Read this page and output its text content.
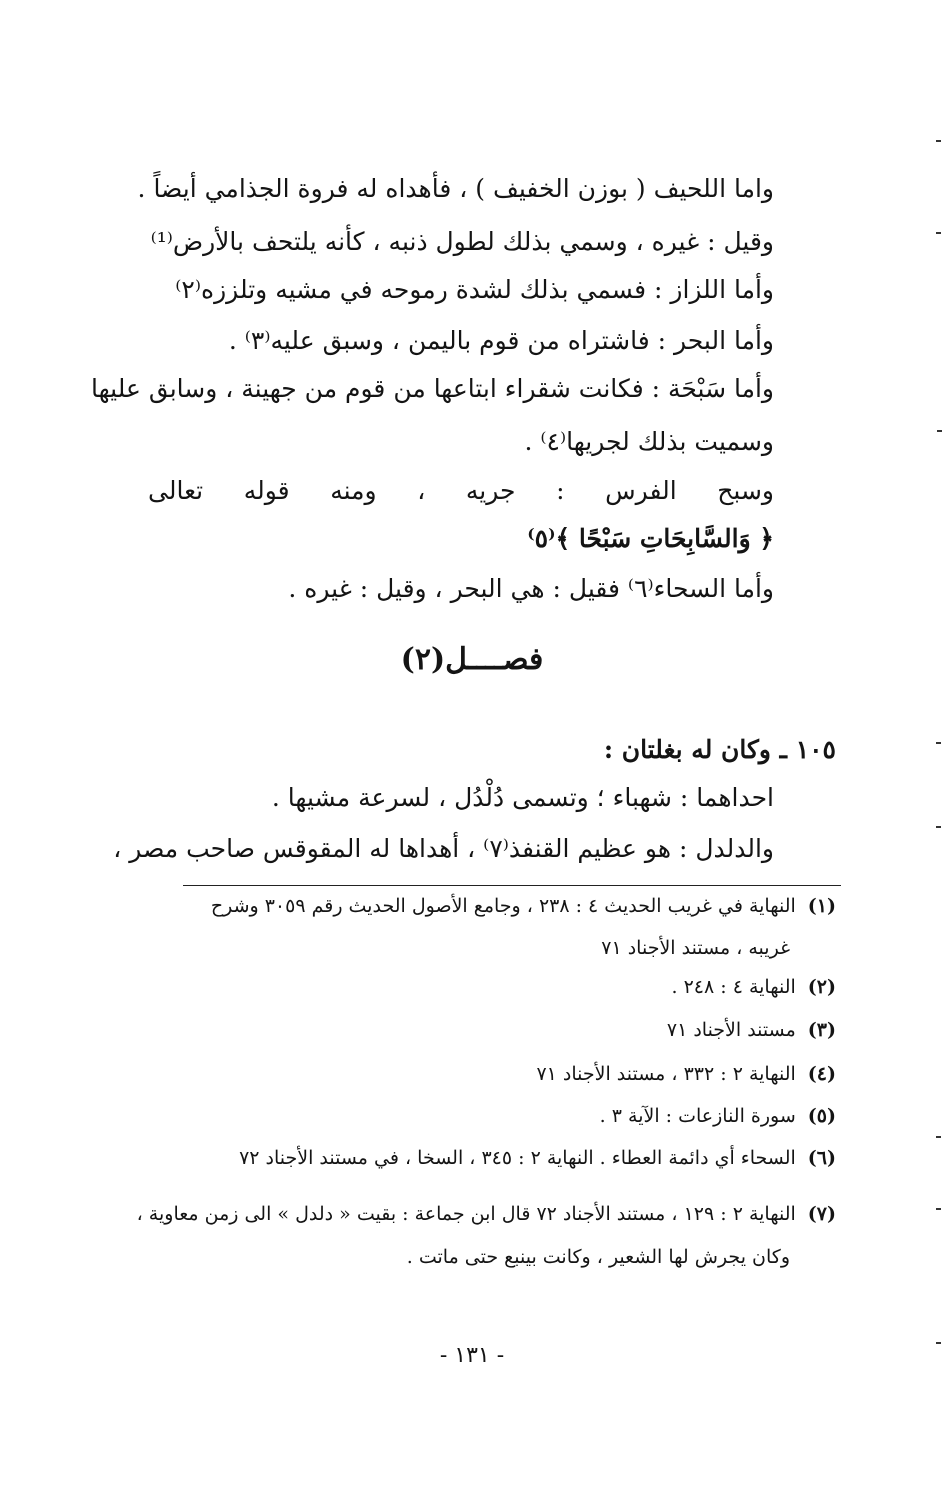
واما اللحيف ( بوزن الخفيف ) ، فأهداه له فروة الجذامي أيضاً .
وقيل : غيره ، وسمي بذلك لطول ذنبه ، كأنه يلتحف بالأرض⁽¹⁾
وأما اللزاز : فسمي بذلك لشدة رموحه في مشيه وتلززه⁽٢⁾
وأما البحر : فاشتراه من قوم باليمن ، وسبق عليه⁽٣⁾ .
وأما سَبْحَة : فكانت شقراء ابتاعها من قوم من جهينة ، وسابق عليها
وسميت بذلك لجريها⁽٤⁾ .
وسبح الفرس : جريه ، ومنه قوله تعالى
﴿ وَالسَّابِحَاتِ سَبْحًا ﴾⁽٥⁾
وأما السحاء⁽٦⁾ فقيل : هي البحر ، وقيل : غيره .
فصــــل(٢)
١٠٥ ـ وكان له بغلتان :
احداهما : شهباء ؛ وتسمى دُلْدُل ، لسرعة مشيها .
والدلدل : هو عظيم القنفذ⁽٧⁾ ، أهداها له المقوقس صاحب مصر ،
(١)النهاية في غريب الحديث ٤ : ٢٣٨ ، وجامع الأصول الحديث رقم ٣٠٥٩ وشرح
غريبه ، مستند الأجناد ٧١
(٢)النهاية ٤ : ٢٤٨ .
(٣)مستند الأجناد ٧١
(٤)النهاية ٢ : ٣٣٢ ، مستند الأجناد ٧١
(٥)سورة النازعات : الآية ٣ .
(٦)السحاء أي دائمة العطاء . النهاية ٢ : ٣٤٥ ، السخا ، في مستند الأجناد ٧٢
(٧)النهاية ٢ : ١٢٩ ، مستند الأجناد ٧٢ قال ابن جماعة : بقيت « دلدل » الى زمن معاوية ،
وكان يجرش لها الشعير ، وكانت بينبع حتى ماتت .
- ١٣١ -
